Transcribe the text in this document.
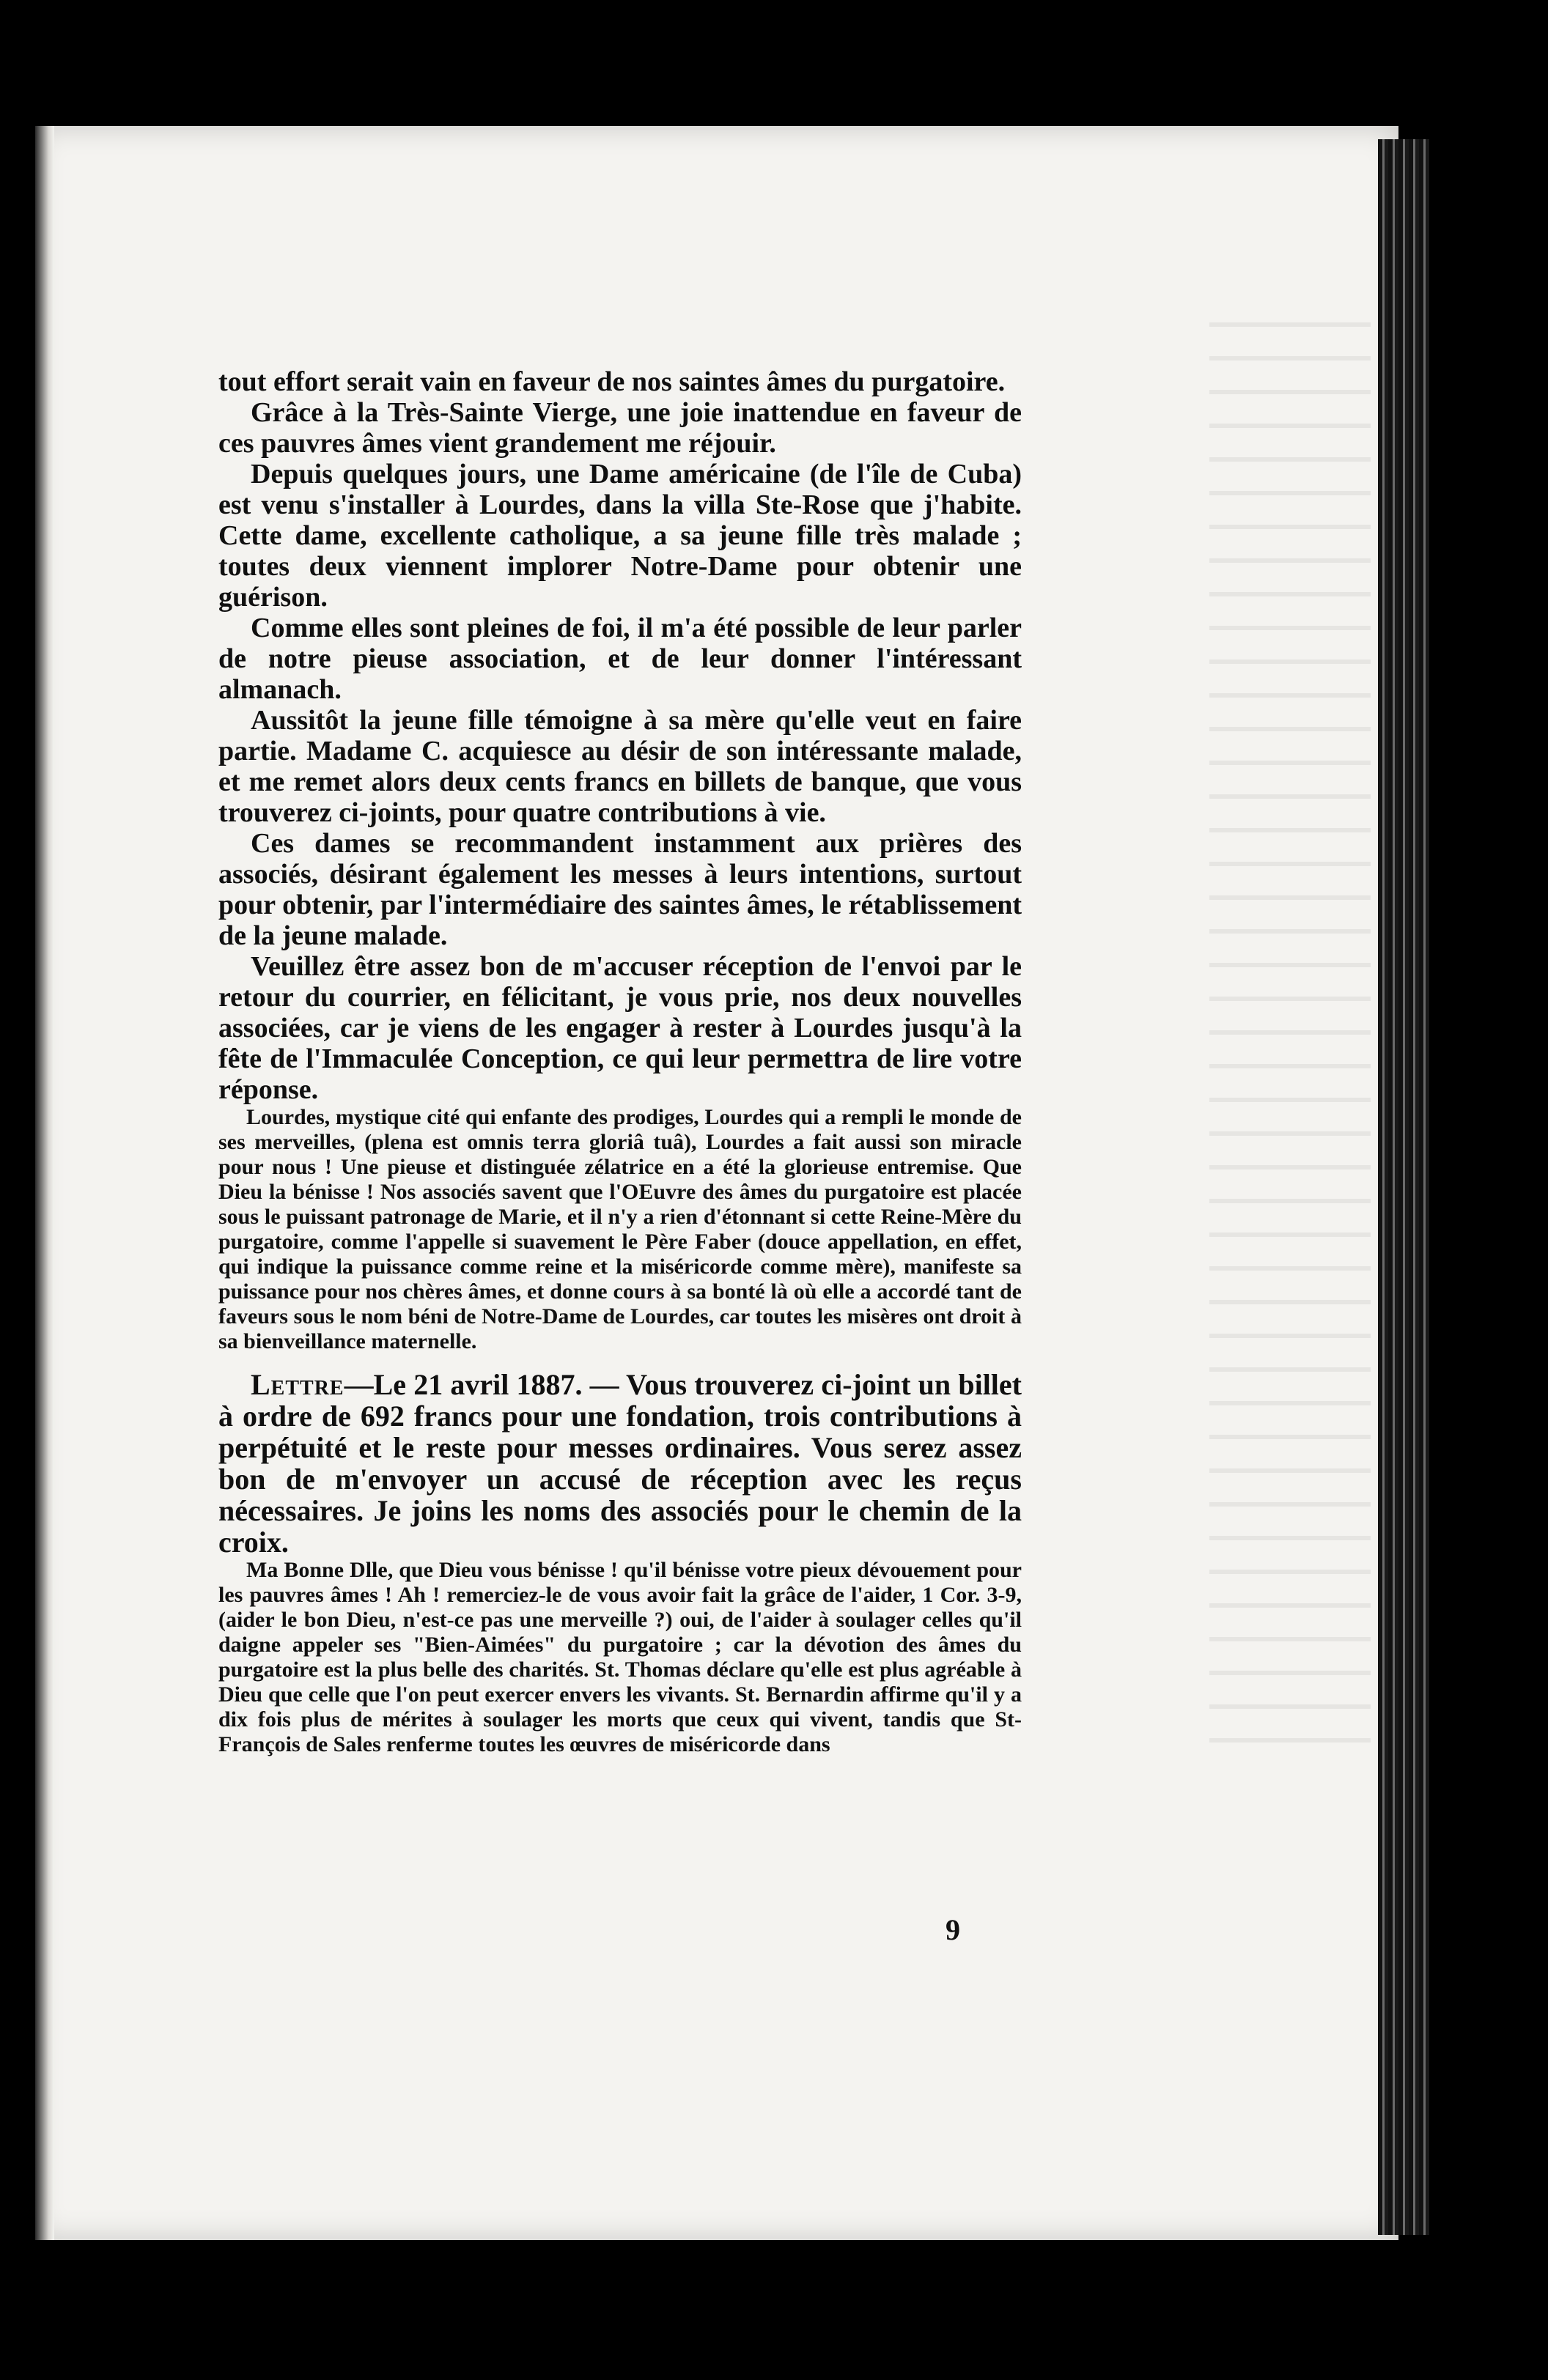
tout effort serait vain en faveur de nos saintes âmes du purgatoire.

Grâce à la Très-Sainte Vierge, une joie inattendue en faveur de ces pauvres âmes vient grandement me réjouir.

Depuis quelques jours, une Dame américaine (de l'île de Cuba) est venu s'installer à Lourdes, dans la villa Ste-Rose que j'habite. Cette dame, excellente catholique, a sa jeune fille très malade ; toutes deux viennent implorer Notre-Dame pour obtenir une guérison.

Comme elles sont pleines de foi, il m'a été possible de leur parler de notre pieuse association, et de leur donner l'intéressant almanach.

Aussitôt la jeune fille témoigne à sa mère qu'elle veut en faire partie. Madame C. acquiesce au désir de son intéressante malade, et me remet alors deux cents francs en billets de banque, que vous trouverez ci-joints, pour quatre contributions à vie.

Ces dames se recommandent instamment aux prières des associés, désirant également les messes à leurs intentions, surtout pour obtenir, par l'intermédiaire des saintes âmes, le rétablissement de la jeune malade.

Veuillez être assez bon de m'accuser réception de l'envoi par le retour du courrier, en félicitant, je vous prie, nos deux nouvelles associées, car je viens de les engager à rester à Lourdes jusqu'à la fête de l'Immaculée Conception, ce qui leur permettra de lire votre réponse.

Lourdes, mystique cité qui enfante des prodiges, Lourdes qui a rempli le monde de ses merveilles, (plena est omnis terra gloriâ tuâ), Lourdes a fait aussi son miracle pour nous ! Une pieuse et distinguée zélatrice en a été la glorieuse entremise. Que Dieu la bénisse ! Nos associés savent que l'OEuvre des âmes du purgatoire est placée sous le puissant patronage de Marie, et il n'y a rien d'étonnant si cette Reine-Mère du purgatoire, comme l'appelle si suavement le Père Faber (douce appellation, en effet, qui indique la puissance comme reine et la miséricorde comme mère), manifeste sa puissance pour nos chères âmes, et donne cours à sa bonté là où elle a accordé tant de faveurs sous le nom béni de Notre-Dame de Lourdes, car toutes les misères ont droit à sa bienveillance maternelle.

Lettre—Le 21 avril 1887. — Vous trouverez ci-joint un billet à ordre de 692 francs pour une fondation, trois contributions à perpétuité et le reste pour messes ordinaires. Vous serez assez bon de m'envoyer un accusé de réception avec les reçus nécessaires. Je joins les noms des associés pour le chemin de la croix.

Ma Bonne Dlle, que Dieu vous bénisse ! qu'il bénisse votre pieux dévouement pour les pauvres âmes ! Ah ! remerciez-le de vous avoir fait la grâce de l'aider, 1 Cor. 3-9, (aider le bon Dieu, n'est-ce pas une merveille ?) oui, de l'aider à soulager celles qu'il daigne appeler ses "Bien-Aimées" du purgatoire ; car la dévotion des âmes du purgatoire est la plus belle des charités. St. Thomas déclare qu'elle est plus agréable à Dieu que celle que l'on peut exercer envers les vivants. St. Bernardin affirme qu'il y a dix fois plus de mérites à soulager les morts que ceux qui vivent, tandis que St-François de Sales renferme toutes les œuvres de miséricorde dans

9
